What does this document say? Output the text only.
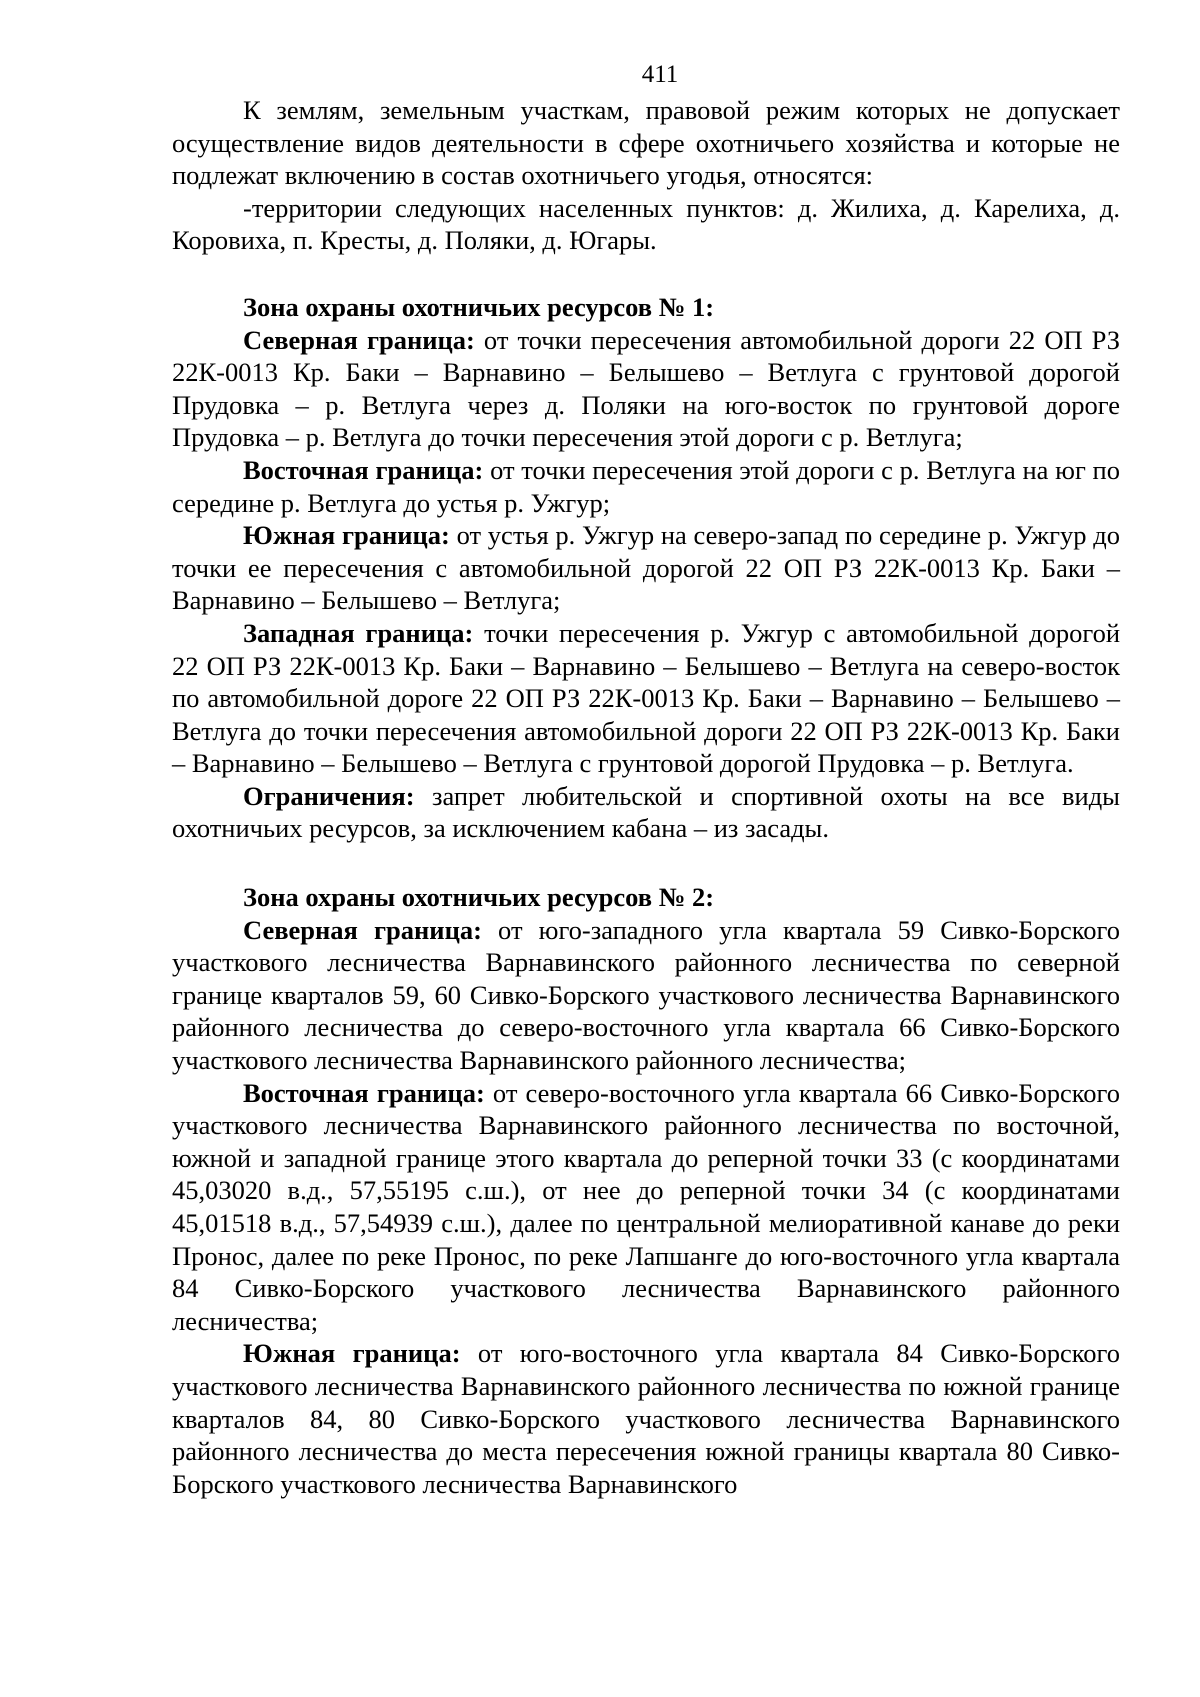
411

К землям, земельным участкам, правовой режим которых не допускает осуществление видов деятельности в сфере охотничьего хозяйства и которые не подлежат включению в состав охотничьего угодья, относятся:

-территории следующих населенных пунктов: д. Жилиха, д. Карелиха, д. Коровиха, п. Кресты, д. Поляки, д. Югары.

Зона охраны охотничьих ресурсов № 1:

Северная граница: от точки пересечения автомобильной дороги 22 ОП РЗ 22К-0013 Кр. Баки – Варнавино – Белышево – Ветлуга с грунтовой дорогой Прудовка – р. Ветлуга через д. Поляки на юго-восток по грунтовой дороге Прудовка – р. Ветлуга до точки пересечения этой дороги с р. Ветлуга;

Восточная граница: от точки пересечения этой дороги с р. Ветлуга на юг по середине р. Ветлуга до устья р. Ужгур;

Южная граница: от устья р. Ужгур на северо-запад по середине р. Ужгур до точки ее пересечения с автомобильной дорогой 22 ОП РЗ 22К-0013 Кр. Баки – Варнавино – Белышево – Ветлуга;

Западная граница: точки пересечения р. Ужгур с автомобильной дорогой 22 ОП РЗ 22К-0013 Кр. Баки – Варнавино – Белышево – Ветлуга на северо-восток по автомобильной дороге 22 ОП РЗ 22К-0013 Кр. Баки – Варнавино – Белышево – Ветлуга до точки пересечения автомобильной дороги 22 ОП РЗ 22К-0013 Кр. Баки – Варнавино – Белышево – Ветлуга с грунтовой дорогой Прудовка – р. Ветлуга.

Ограничения: запрет любительской и спортивной охоты на все виды охотничьих ресурсов, за исключением кабана – из засады.

Зона охраны охотничьих ресурсов № 2:

Северная граница: от юго-западного угла квартала 59 Сивко-Борского участкового лесничества Варнавинского районного лесничества по северной границе кварталов 59, 60 Сивко-Борского участкового лесничества Варнавинского районного лесничества до северо-восточного угла квартала 66 Сивко-Борского участкового лесничества Варнавинского районного лесничества;

Восточная граница: от северо-восточного угла квартала 66 Сивко-Борского участкового лесничества Варнавинского районного лесничества по восточной, южной и западной границе этого квартала до реперной точки 33 (с координатами 45,03020 в.д., 57,55195 с.ш.), от нее до реперной точки 34 (с координатами 45,01518 в.д., 57,54939 с.ш.), далее по центральной мелиоративной канаве до реки Пронос, далее по реке Пронос, по реке Лапшанге до юго-восточного угла квартала 84 Сивко-Борского участкового лесничества Варнавинского районного лесничества;

Южная граница: от юго-восточного угла квартала 84 Сивко-Борского участкового лесничества Варнавинского районного лесничества по южной границе кварталов 84, 80 Сивко-Борского участкового лесничества Варнавинского районного лесничества до места пересечения южной границы квартала 80 Сивко-Борского участкового лесничества Варнавинского
